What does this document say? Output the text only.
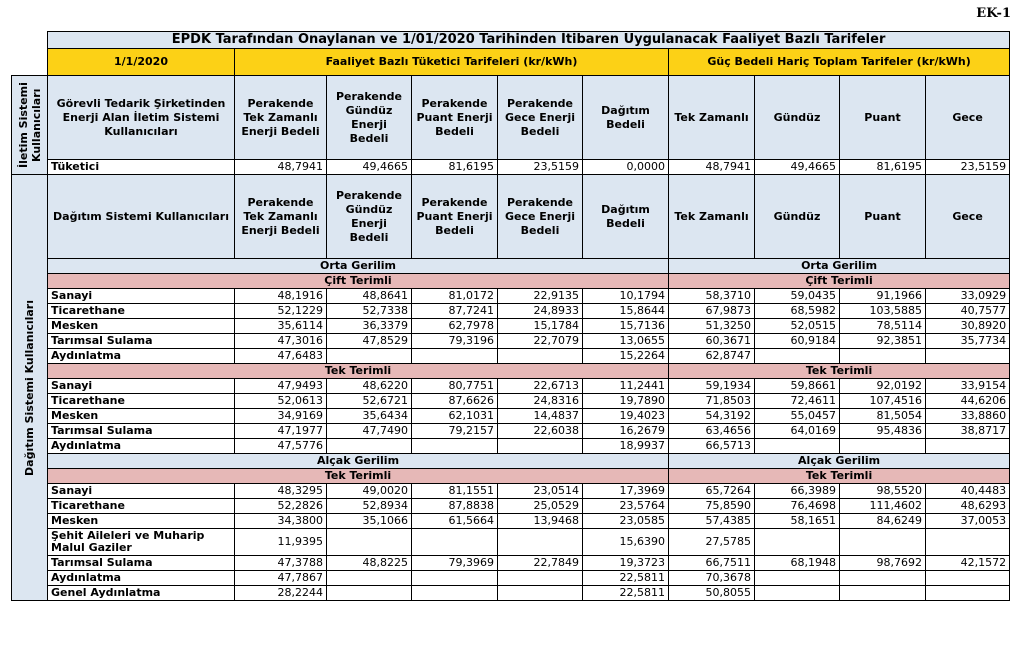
EK-1
	EPDK Tarafından Onaylanan ve 1/01/2020 Tarihinden İtibaren Uygulanacak Faaliyet Bazlı Tarifeler									
	1/1/2020	Faaliyet Bazlı Tüketici Tarifeleri (kr/kWh)					Güç Bedeli Hariç Toplam Tarifeler (kr/kWh)			

İletim Sistemi Kullanıcıları	Görevli Tedarik Şirketinden Enerji Alan İletim Sistemi Kullanıcıları	Perakende Tek Zamanlı Enerji Bedeli	Perakende Gündüz Enerji Bedeli	Perakende Puant Enerji Bedeli	Perakende Gece Enerji Bedeli	Dağıtım Bedeli	Tek Zamanlı	Gündüz	Puant	Gece
	Tüketici	48,7941	49,4665	81,6195	23,5159	0,0000	48,7941	49,4665	81,6195	23,5159

Dağıtım Sistemi Kullanıcıları	Dağıtım Sistemi Kullanıcıları	Perakende Tek Zamanlı Enerji Bedeli	Perakende Gündüz Enerji Bedeli	Perakende Puant Enerji Bedeli	Perakende Gece Enerji Bedeli	Dağıtım Bedeli	Tek Zamanlı	Gündüz	Puant	Gece
	Orta Gerilim						Orta Gerilim			
	Çift Terimli						Çift Terimli			
	Sanayi	48,1916	48,8641	81,0172	22,9135	10,1794	58,3710	59,0435	91,1966	33,0929
	Ticarethane	52,1229	52,7338	87,7241	24,8933	15,8644	67,9873	68,5982	103,5885	40,7577
	Mesken	35,6114	36,3379	62,7978	15,1784	15,7136	51,3250	52,0515	78,5114	30,8920
	Tarımsal Sulama	47,3016	47,8529	79,3196	22,7079	13,0655	60,3671	60,9184	92,3851	35,7734
	Aydınlatma	47,6483				15,2264	62,8747			
	Tek Terimli						Tek Terimli			
	Sanayi	47,9493	48,6220	80,7751	22,6713	11,2441	59,1934	59,8661	92,0192	33,9154
	Ticarethane	52,0613	52,6721	87,6626	24,8316	19,7890	71,8503	72,4611	107,4516	44,6206
	Mesken	34,9169	35,6434	62,1031	14,4837	19,4023	54,3192	55,0457	81,5054	33,8860
	Tarımsal Sulama	47,1977	47,7490	79,2157	22,6038	16,2679	63,4656	64,0169	95,4836	38,8717
	Aydınlatma	47,5776				18,9937	66,5713			
	Alçak Gerilim						Alçak Gerilim			
	Tek Terimli						Tek Terimli			
	Sanayi	48,3295	49,0020	81,1551	23,0514	17,3969	65,7264	66,3989	98,5520	40,4483
	Ticarethane	52,2826	52,8934	87,8838	25,0529	23,5764	75,8590	76,4698	111,4602	48,6293
	Mesken	34,3800	35,1066	61,5664	13,9468	23,0585	57,4385	58,1651	84,6249	37,0053
	Şehit Aileleri ve Muharip Malul Gaziler	11,9395				15,6390	27,5785			
	Tarımsal Sulama	47,3788	48,8225	79,3969	22,7849	19,3723	66,7511	68,1948	98,7692	42,1572
	Aydınlatma	47,7867				22,5811	70,3678			
	Genel Aydınlatma	28,2244				22,5811	50,8055			
